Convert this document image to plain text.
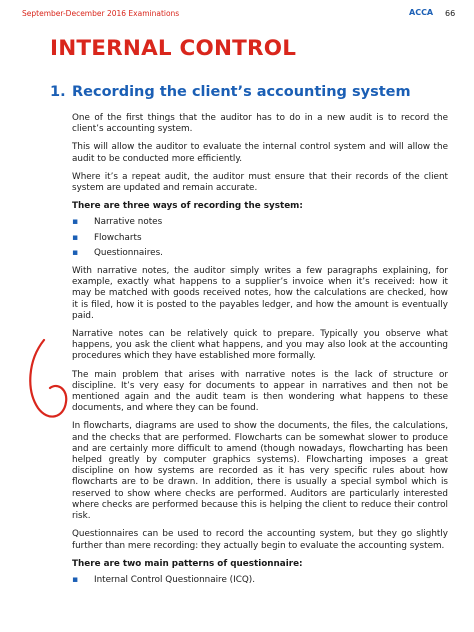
September-December 2016 Examinations	ACCA 66
INTERNAL CONTROL
1. Recording the client’s accounting system

One of the first things that the auditor has to do in a new audit is to record the client’s accounting system.

This will allow the auditor to evaluate the internal control system and will allow the audit to be conducted more efficiently.

Where it’s a repeat audit, the auditor must ensure that their records of the client system are updated and remain accurate.

There are three ways of recording the system:

▪ Narrative notes
▪ Flowcharts
▪ Questionnaires.

With narrative notes, the auditor simply writes a few paragraphs explaining, for example, exactly what happens to a supplier’s invoice when it’s received: how it may be matched with goods received notes, how the calculations are checked, how it is filed, how it is posted to the payables ledger, and how the amount is eventually paid.

Narrative notes can be relatively quick to prepare. Typically you observe what happens, you ask the client what happens, and you may also look at the accounting procedures which they have established more formally.

The main problem that arises with narrative notes is the lack of structure or discipline. It’s very easy for documents to appear in narratives and then not be mentioned again and the audit team is then wondering what happens to these documents, and where they can be found.

In flowcharts, diagrams are used to show the documents, the files, the calculations, and the checks that are performed. Flowcharts can be somewhat slower to produce and are certainly more difficult to amend (though nowadays, flowcharting has been helped greatly by computer graphics systems). Flowcharting imposes a great discipline on how systems are recorded as it has very specific rules about how flowcharts are to be drawn. In addition, there is usually a special symbol which is reserved to show where checks are performed. Auditors are particularly interested where checks are performed because this is helping the client to reduce their control risk.

Questionnaires can be used to record the accounting system, but they go slightly further than mere recording: they actually begin to evaluate the accounting system.

There are two main patterns of questionnaire:

▪ Internal Control Questionnaire (ICQ).
